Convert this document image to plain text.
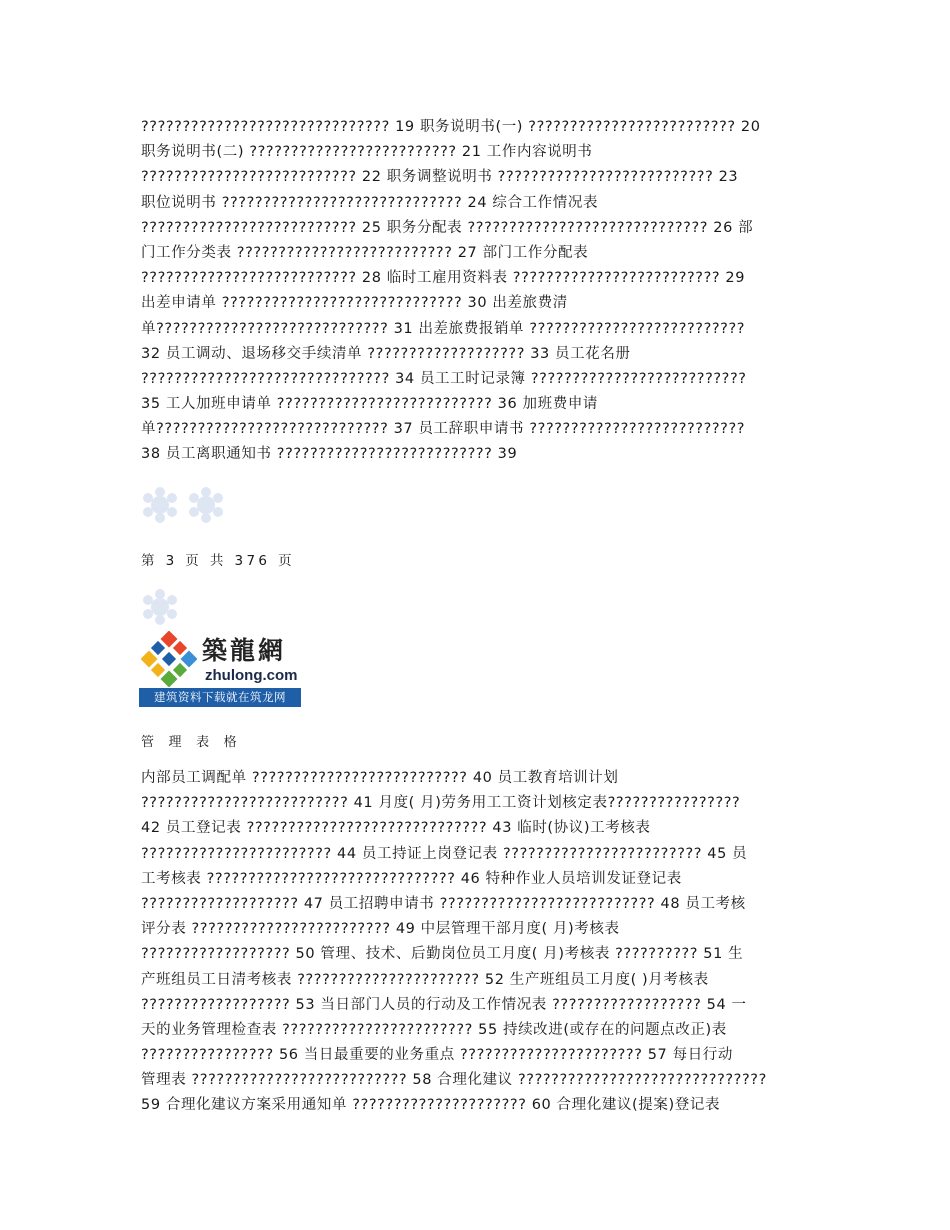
?????????????????????????????? 19 职务说明书(一) ????????????????????????? 20
职务说明书(二) ????????????????????????? 21 工作内容说明书
?????????????????????????? 22 职务调整说明书 ?????????????????????????? 23
职位说明书 ????????????????????????????? 24 综合工作情况表
?????????????????????????? 25 职务分配表 ????????????????????????????? 26 部
门工作分类表 ?????????????????????????? 27 部门工作分配表
?????????????????????????? 28 临时工雇用资料表 ????????????????????????? 29
出差申请单 ????????????????????????????? 30 出差旅费清
单???????????????????????????? 31 出差旅费报销单 ??????????????????????????
32 员工调动、退场移交手续清单 ??????????????????? 33 员工花名册
?????????????????????????????? 34 员工工时记录簿 ??????????????????????????
35 工人加班申请单 ?????????????????????????? 36 加班费申请
单???????????????????????????? 37 员工辞职申请书 ??????????????????????????
38 员工离职通知书 ?????????????????????????? 39
第 3 页 共 376 页
築龍網
zhulong.com
建筑资料下载就在筑龙网
管 理 表 格
内部员工调配单 ?????????????????????????? 40 员工教育培训计划
????????????????????????? 41 月度( 月)劳务用工工资计划核定表????????????????
42 员工登记表 ????????????????????????????? 43 临时(协议)工考核表
??????????????????????? 44 员工持证上岗登记表 ???????????????????????? 45 员
工考核表 ?????????????????????????????? 46 特种作业人员培训发证登记表
??????????????????? 47 员工招聘申请书 ?????????????????????????? 48 员工考核
评分表 ???????????????????????? 49 中层管理干部月度( 月)考核表
?????????????????? 50 管理、技术、后勤岗位员工月度( 月)考核表 ?????????? 51 生
产班组员工日清考核表 ?????????????????????? 52 生产班组员工月度( )月考核表
?????????????????? 53 当日部门人员的行动及工作情况表 ?????????????????? 54 一
天的业务管理检查表 ??????????????????????? 55 持续改进(或存在的问题点改正)表
???????????????? 56 当日最重要的业务重点 ?????????????????????? 57 每日行动
管理表 ?????????????????????????? 58 合理化建议 ??????????????????????????????
59 合理化建议方案采用通知单 ????????????????????? 60 合理化建议(提案)登记表
